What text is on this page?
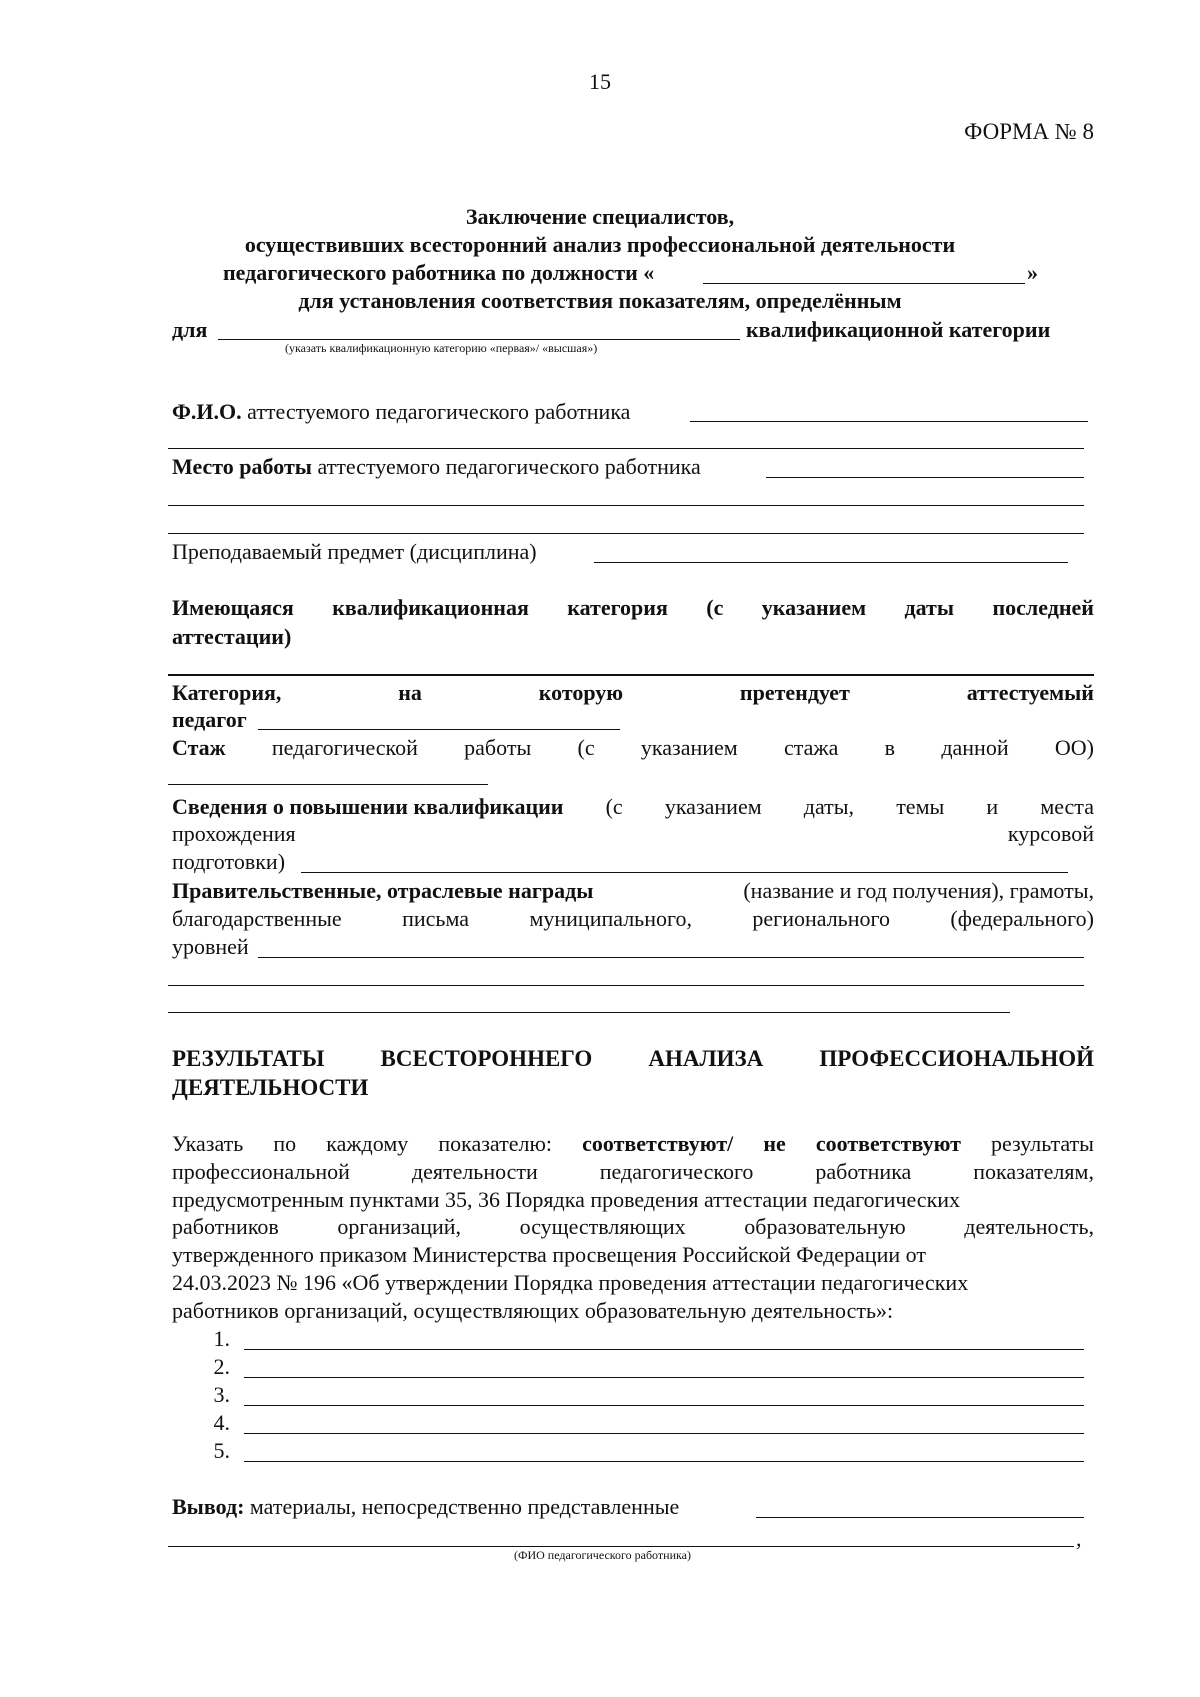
15
ФОРМА № 8
Заключение специалистов,
осуществивших всесторонний анализ профессиональной деятельности
педагогического работника по должности «	»
для установления соответствия показателям, определённым
для	квалификационной категории
(указать квалификационную категорию «первая»/ «высшая»)
Ф.И.О. аттестуемого педагогического работника
Место работы аттестуемого педагогического работника
Преподаваемый предмет (дисциплина)
Имеющаяся квалификационная категория (с указанием даты последней
аттестации)
Категория,	на	которую	претендует	аттестуемый
педагог
Стаж педагогической работы (с указанием стажа в данной ОО)
Сведения о повышении квалификации (с указанием даты, темы и места
прохождения	курсовой
подготовки)
Правительственные, отраслевые награды	(название и год получения), грамоты,
благодарственные	письма	муниципального,	регионального	(федерального)
уровней
РЕЗУЛЬТАТЫ ВСЕСТОРОННЕГО АНАЛИЗА ПРОФЕССИОНАЛЬНОЙ
ДЕЯТЕЛЬНОСТИ
Указать по каждому показателю: соответствуют/ не соответствуют результаты
профессиональной	деятельности	педагогического	работника	показателям,
предусмотренным пунктами 35, 36 Порядка проведения аттестации педагогических
работников	организаций,	осуществляющих	образовательную	деятельность,
утвержденного приказом Министерства просвещения Российской Федерации от
24.03.2023 № 196 «Об утверждении Порядка проведения аттестации педагогических
работников организаций, осуществляющих образовательную деятельность»:
1.
2.
3.
4.
5.
Вывод: материалы, непосредственно представленные
,
(ФИО педагогического работника)
